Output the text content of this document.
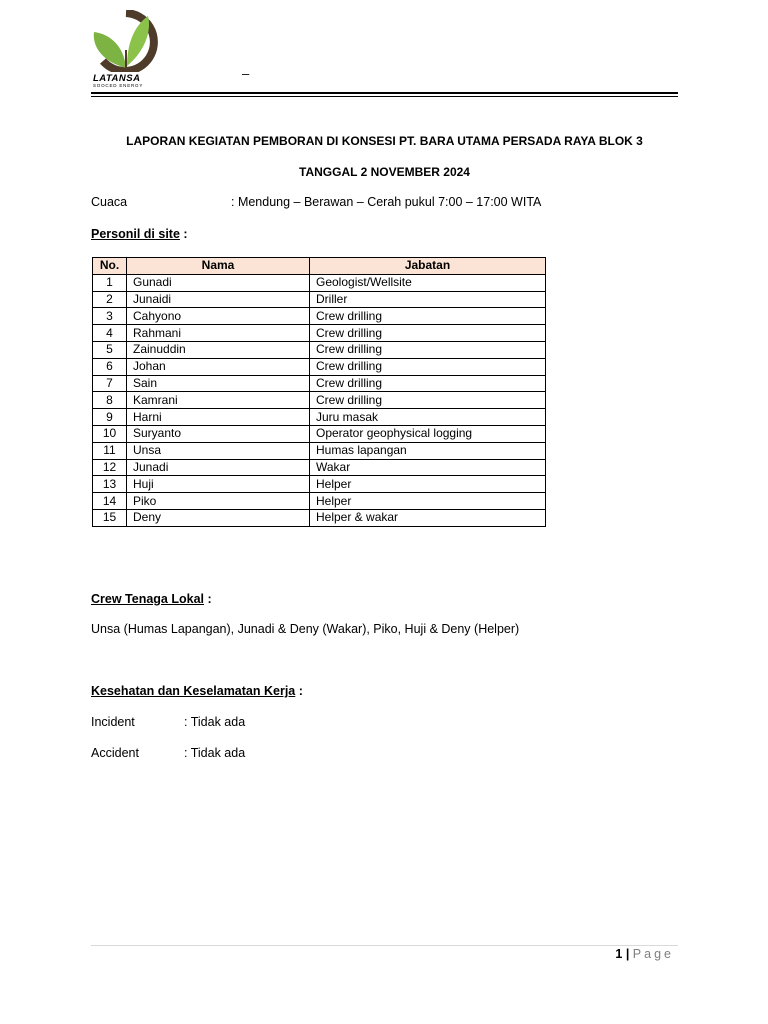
LATANSA
SOOCED ENERGY
–
LAPORAN KEGIATAN PEMBORAN DI KONSESI PT. BARA UTAMA PERSADA RAYA BLOK 3
TANGGAL 2 NOVEMBER 2024
Cuaca	: Mendung – Berawan – Cerah pukul 7:00 – 17:00 WITA
Personil di site :
No.	Nama	Jabatan
1	Gunadi	Geologist/Wellsite
2	Junaidi	Driller
3	Cahyono	Crew drilling
4	Rahmani	Crew drilling
5	Zainuddin	Crew drilling
6	Johan	Crew drilling
7	Sain	Crew drilling
8	Kamrani	Crew drilling
9	Harni	Juru masak
10	Suryanto	Operator geophysical logging
11	Unsa	Humas lapangan
12	Junadi	Wakar
13	Huji	Helper
14	Piko	Helper
15	Deny	Helper & wakar
Crew Tenaga Lokal :
Unsa (Humas Lapangan), Junadi & Deny (Wakar), Piko, Huji & Deny (Helper)
Kesehatan dan Keselamatan Kerja :
Incident	: Tidak ada
Accident	: Tidak ada
1 | Page
